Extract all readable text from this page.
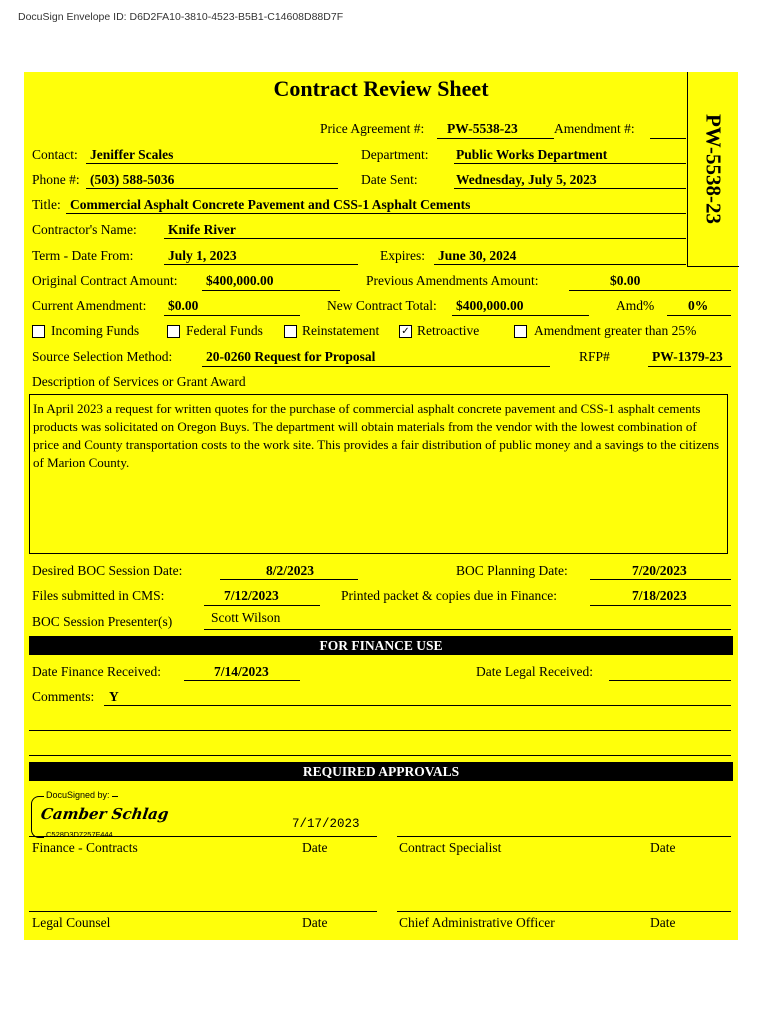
DocuSign Envelope ID: D6D2FA10-3810-4523-B5B1-C14608D88D7F
Contract Review Sheet
PW-5538-23
Price Agreement #: PW-5538-23	Amendment #:
Contact: Jeniffer Scales	Department: Public Works Department
Phone #: (503) 588-5036	Date Sent:	Wednesday, July 5, 2023
Title: Commercial Asphalt Concrete Pavement and CSS-1 Asphalt Cements
Contractor's Name: Knife River
Term - Date From:	July 1, 2023	Expires: June 30, 2024
Original Contract Amount: $400,000.00	Previous Amendments Amount:	$0.00
Current Amendment: $0.00	New Contract Total: $400,000.00	Amd%	0%
Incoming Funds	Federal Funds	Reinstatement ✓ Retroactive	Amendment greater than 25%
Source Selection Method:	20-0260 Request for Proposal	RFP#	PW-1379-23
Description of Services or Grant Award
In April 2023 a request for written quotes for the purchase of commercial asphalt concrete pavement and CSS-1 asphalt cements products was solicitated on Oregon Buys. The department will obtain materials from the vendor with the lowest combination of price and County transportation costs to the work site. This provides a fair distribution of public money and a savings to the citizens of Marion County.
Desired BOC Session Date:	8/2/2023	BOC Planning Date:	7/20/2023
Files submitted in CMS:	7/12/2023	Printed packet & copies due in Finance:	7/18/2023
BOC Session Presenter(s)	Scott Wilson
FOR FINANCE USE
Date Finance Received:	7/14/2023	Date Legal Received:
Comments: Y
REQUIRED APPROVALS
DocuSigned by:
Camber Schlag
C528D3D7257F444...
7/17/2023
Finance - Contracts	Date	Contract Specialist	Date
Legal Counsel	Date	Chief Administrative Officer	Date
